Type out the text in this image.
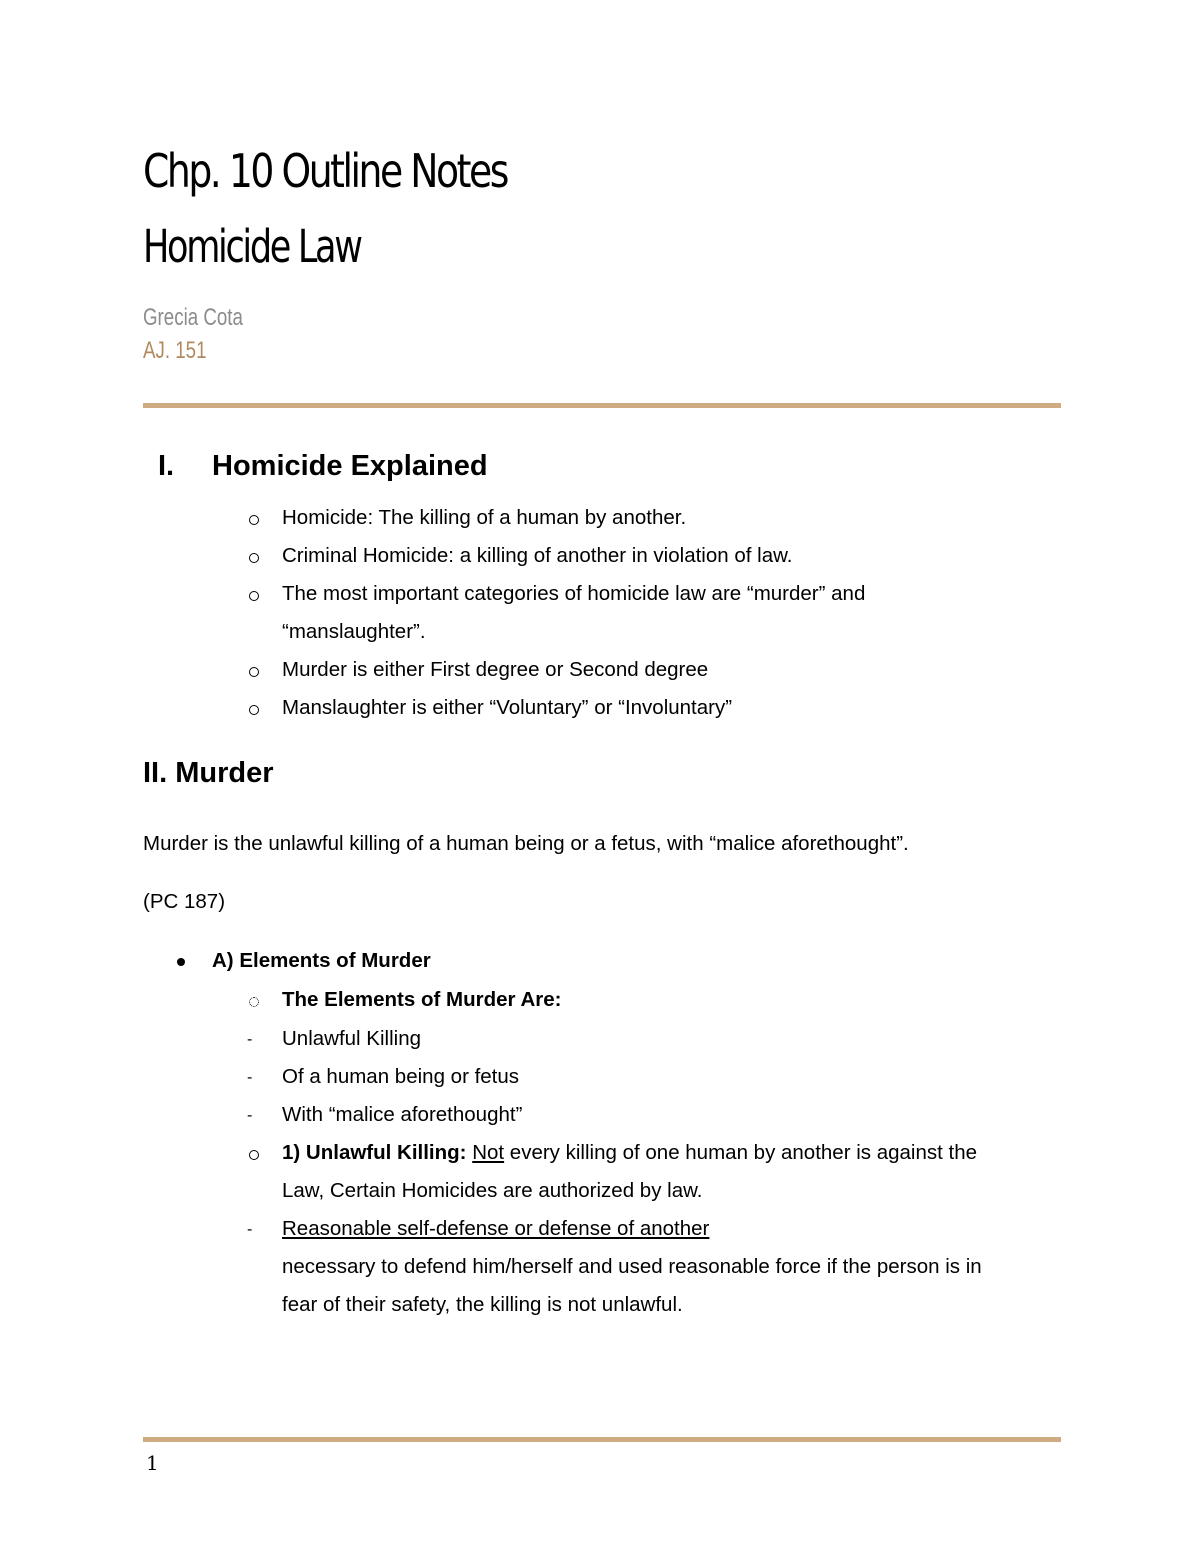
Chp. 10 Outline Notes
Homicide Law
Grecia Cota
AJ. 151
I. Homicide Explained
Homicide: The killing of a human by another.
Criminal Homicide: a killing of another in violation of law.
The most important categories of homicide law are “murder” and
“manslaughter”.
Murder is either First degree or Second degree
Manslaughter is either “Voluntary” or “Involuntary”
II. Murder
Murder is the unlawful killing of a human being or a fetus, with “malice aforethought”.
(PC 187)
A) Elements of Murder
The Elements of Murder Are:
- Unlawful Killing
- Of a human being or fetus
- With “malice aforethought”
1) Unlawful Killing: Not every killing of one human by another is against the
Law, Certain Homicides are authorized by law.
- Reasonable self-defense or defense of another
necessary to defend him/herself and used reasonable force if the person is in
fear of their safety, the killing is not unlawful.
1
